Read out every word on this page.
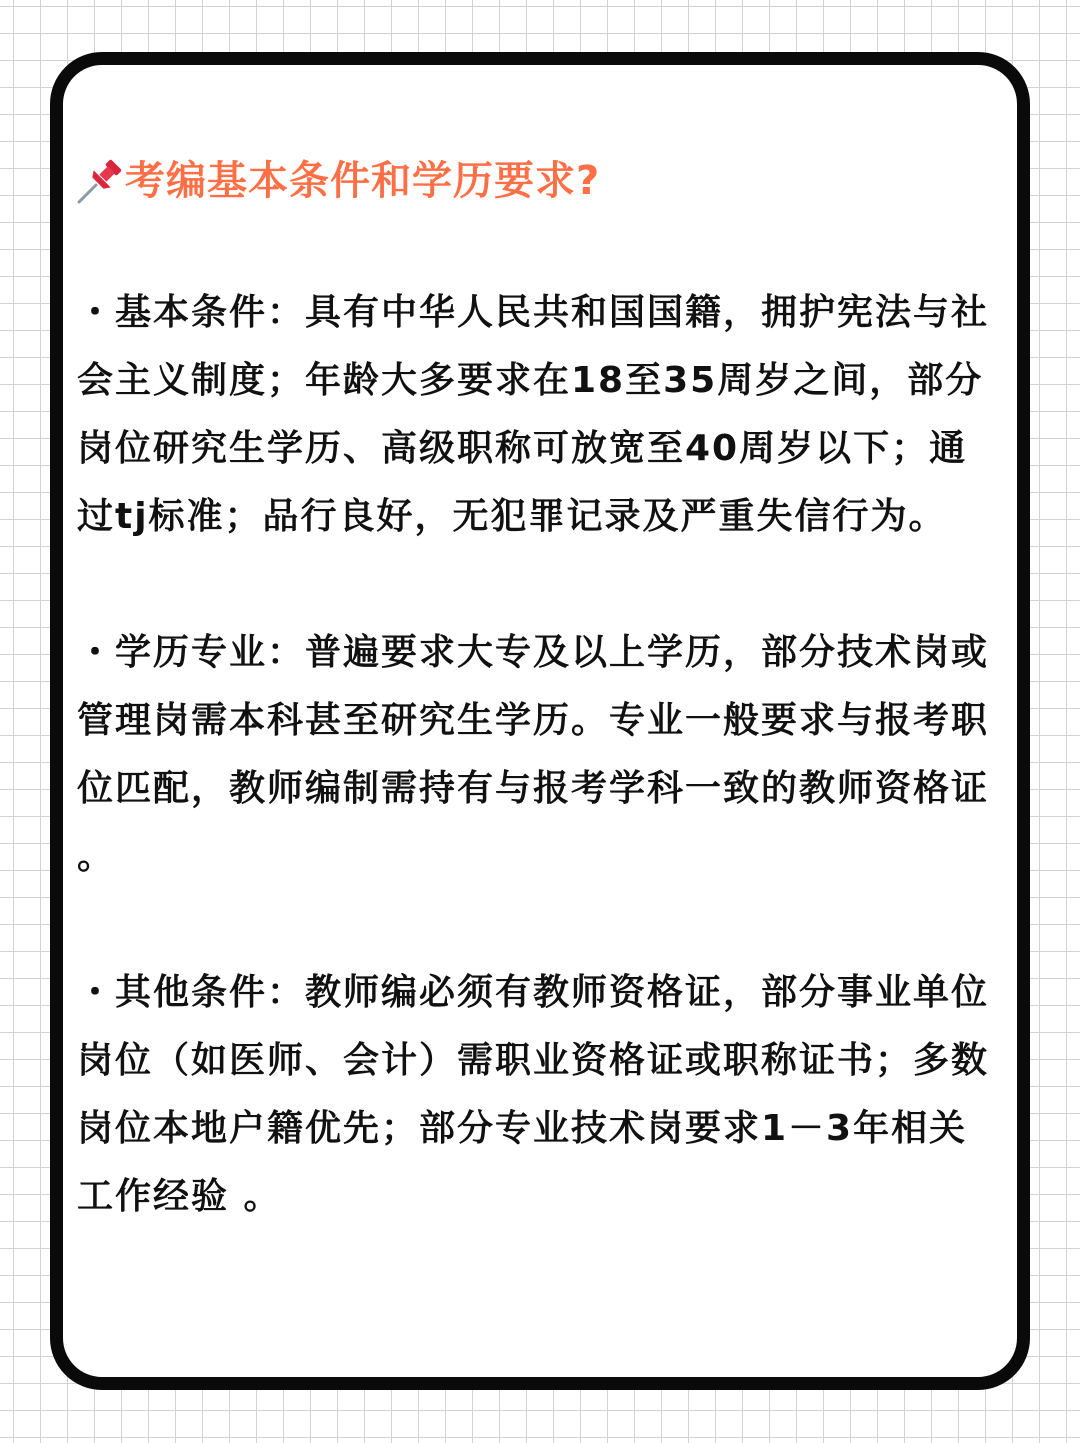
考编基本条件和学历要求?

・基本条件：具有中华人民共和国国籍，拥护宪法与社会主义制度；年龄大多要求在18至35周岁之间，部分岗位研究生学历、高级职称可放宽至40周岁以下；通过tj标准；品行良好，无犯罪记录及严重失信行为。

・学历专业：普遍要求大专及以上学历，部分技术岗或管理岗需本科甚至研究生学历。专业一般要求与报考职位匹配，教师编制需持有与报考学科一致的教师资格证 。

・其他条件：教师编必须有教师资格证，部分事业单位岗位（如医师、会计）需职业资格证或职称证书；多数岗位本地户籍优先；部分专业技术岗要求1－3年相关工作经验 。
